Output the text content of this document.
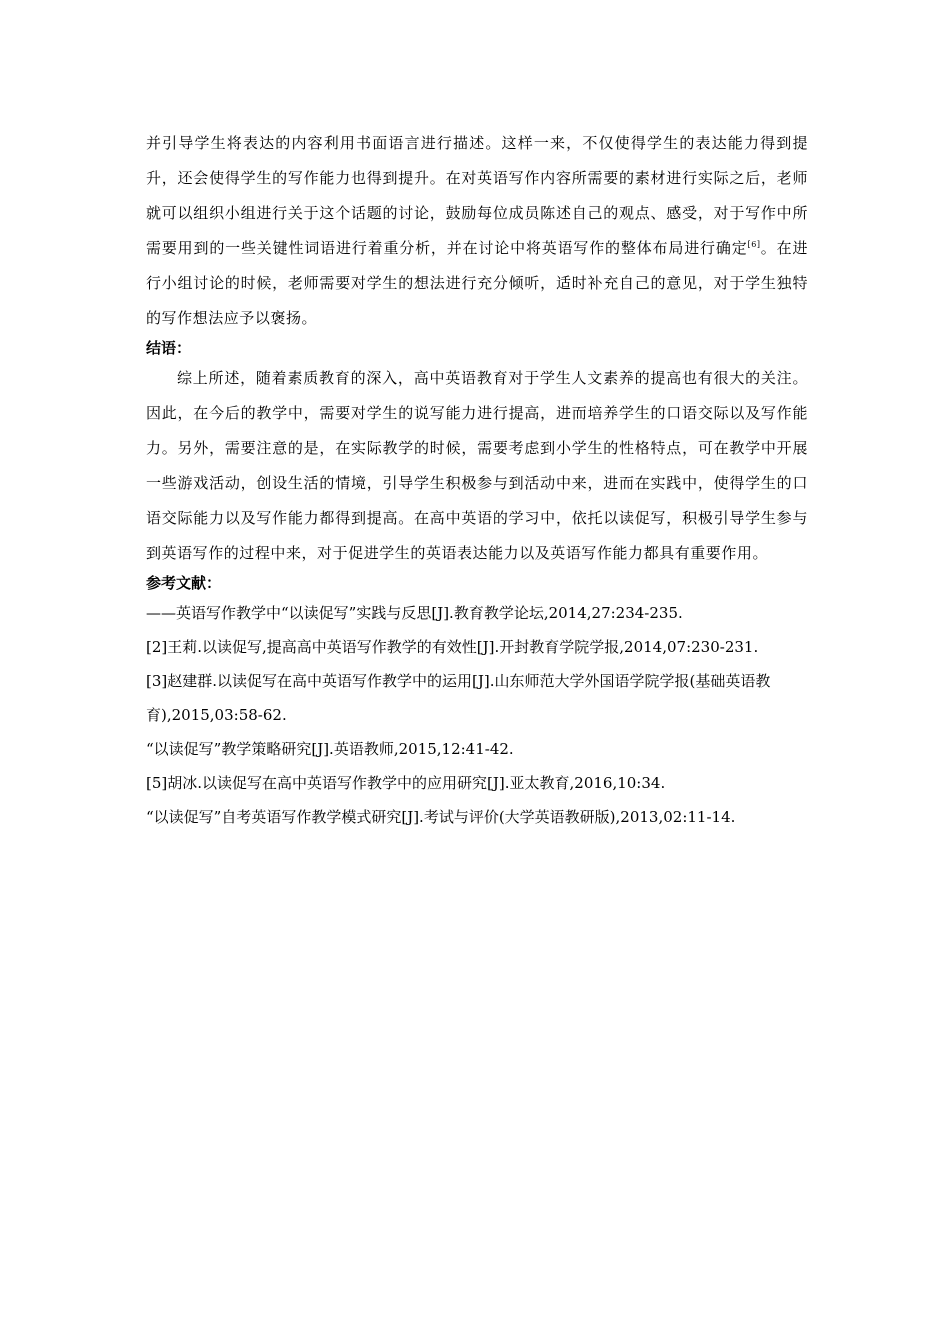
并引导学生将表达的内容利用书面语言进行描述。这样一来，不仅使得学生的表达能力得到提升，还会使得学生的写作能力也得到提升。在对英语写作内容所需要的素材进行实际之后，老师就可以组织小组进行关于这个话题的讨论，鼓励每位成员陈述自己的观点、感受，对于写作中所需要用到的一些关键性词语进行着重分析，并在讨论中将英语写作的整体布局进行确定[6]。在进行小组讨论的时候，老师需要对学生的想法进行充分倾听，适时补充自己的意见，对于学生独特的写作想法应予以褒扬。

结语：

综上所述，随着素质教育的深入，高中英语教育对于学生人文素养的提高也有很大的关注。因此，在今后的教学中，需要对学生的说写能力进行提高，进而培养学生的口语交际以及写作能力。另外，需要注意的是，在实际教学的时候，需要考虑到小学生的性格特点，可在教学中开展一些游戏活动，创设生活的情境，引导学生积极参与到活动中来，进而在实践中，使得学生的口语交际能力以及写作能力都得到提高。在高中英语的学习中，依托以读促写，积极引导学生参与到英语写作的过程中来，对于促进学生的英语表达能力以及英语写作能力都具有重要作用。

参考文献：

——英语写作教学中“以读促写”实践与反思[J].教育教学论坛,2014,27:234-235.
[2]王莉.以读促写,提高高中英语写作教学的有效性[J].开封教育学院学报,2014,07:230-231.
[3]赵建群.以读促写在高中英语写作教学中的运用[J].山东师范大学外国语学院学报(基础英语教育),2015,03:58-62.
“以读促写”教学策略研究[J].英语教师,2015,12:41-42.
[5]胡冰.以读促写在高中英语写作教学中的应用研究[J].亚太教育,2016,10:34.
“以读促写”自考英语写作教学模式研究[J].考试与评价(大学英语教研版),2013,02:11-14.
